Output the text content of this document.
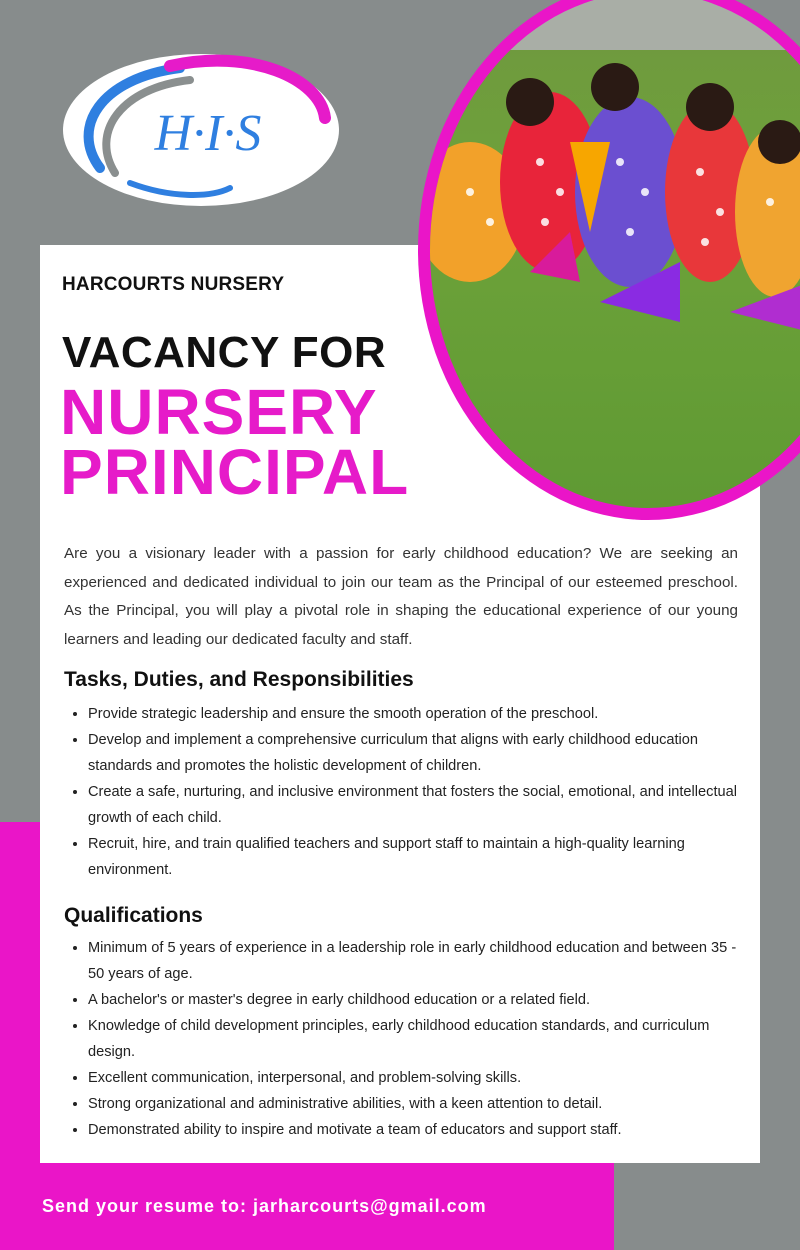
H·I·S
HARCOURTS NURSERY
VACANCY FOR
NURSERY
PRINCIPAL
Are you a visionary leader with a passion for early childhood education? We are seeking an experienced and dedicated individual to join our team as the Principal of our esteemed preschool. As the Principal, you will play a pivotal role in shaping the educational experience of our young learners and leading our dedicated faculty and staff.
Tasks, Duties, and Responsibilities
• Provide strategic leadership and ensure the smooth operation of the preschool.
• Develop and implement a comprehensive curriculum that aligns with early childhood education standards and promotes the holistic development of children.
• Create a safe, nurturing, and inclusive environment that fosters the social, emotional, and intellectual growth of each child.
• Recruit, hire, and train qualified teachers and support staff to maintain a high-quality learning environment.
Qualifications
• Minimum of 5 years of experience in a leadership role in early childhood education and between 35 - 50 years of age.
• A bachelor's or master's degree in early childhood education or a related field.
• Knowledge of child development principles, early childhood education standards, and curriculum design.
• Excellent communication, interpersonal, and problem-solving skills.
• Strong organizational and administrative abilities, with a keen attention to detail.
• Demonstrated ability to inspire and motivate a team of educators and support staff.
Send your resume to: jarharcourts@gmail.com
